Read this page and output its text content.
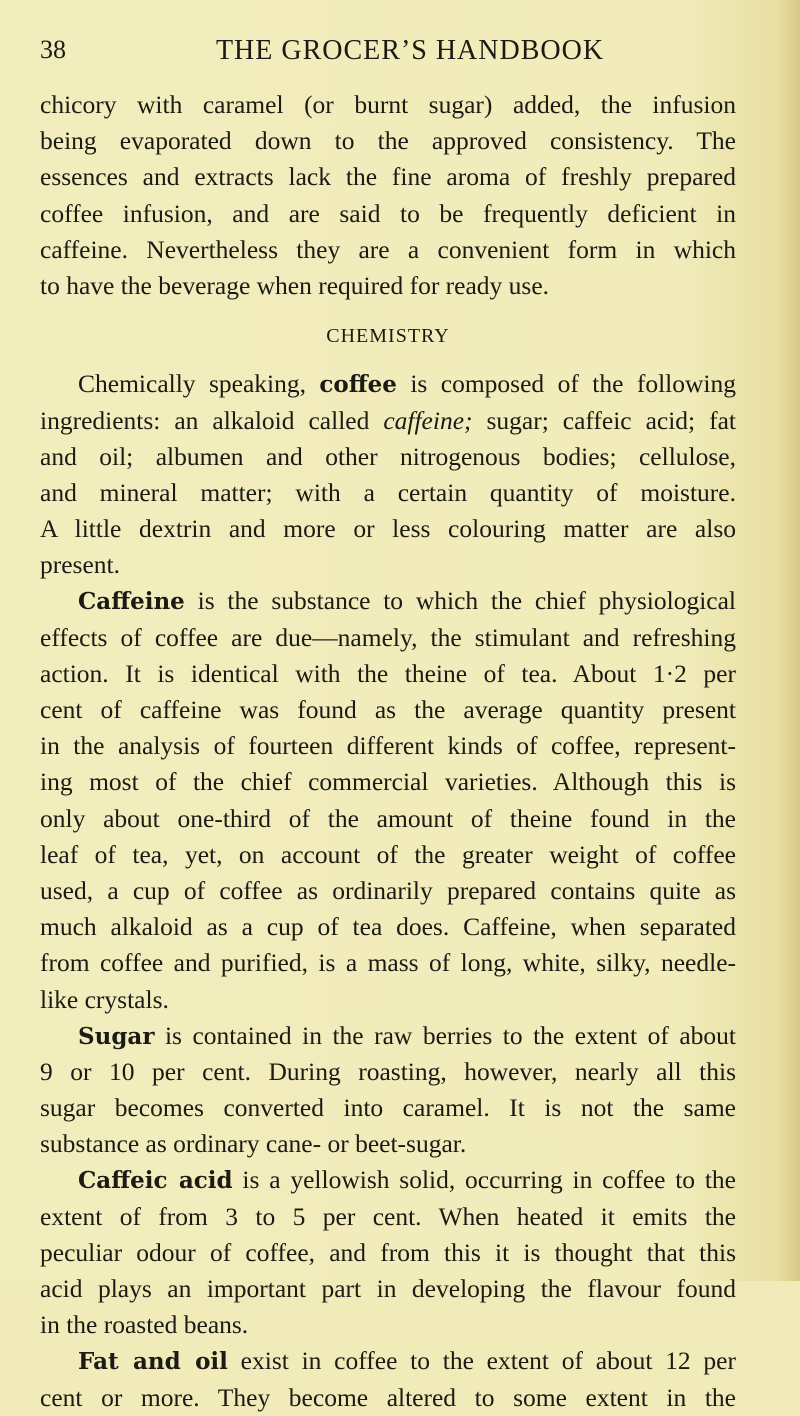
38	THE GROCER’S HANDBOOK
chicory with caramel (or burnt sugar) added, the infusion
being evaporated down to the approved consistency. The
essences and extracts lack the fine aroma of freshly prepared
coffee infusion, and are said to be frequently deficient in
caffeine. Nevertheless they are a convenient form in which
to have the beverage when required for ready use.
CHEMISTRY
Chemically speaking, coffee is composed of the following
ingredients: an alkaloid called caffeine; sugar; caffeic acid; fat
and oil; albumen and other nitrogenous bodies; cellulose,
and mineral matter; with a certain quantity of moisture.
A little dextrin and more or less colouring matter are also
present.
Caffeine is the substance to which the chief physiological
effects of coffee are due—namely, the stimulant and refreshing
action. It is identical with the theine of tea. About 1·2 per
cent of caffeine was found as the average quantity present
in the analysis of fourteen different kinds of coffee, represent-
ing most of the chief commercial varieties. Although this is
only about one-third of the amount of theine found in the
leaf of tea, yet, on account of the greater weight of coffee
used, a cup of coffee as ordinarily prepared contains quite as
much alkaloid as a cup of tea does. Caffeine, when separated
from coffee and purified, is a mass of long, white, silky, needle-
like crystals.
Sugar is contained in the raw berries to the extent of about
9 or 10 per cent. During roasting, however, nearly all this
sugar becomes converted into caramel. It is not the same
substance as ordinary cane- or beet-sugar.
Caffeic acid is a yellowish solid, occurring in coffee to the
extent of from 3 to 5 per cent. When heated it emits the
peculiar odour of coffee, and from this it is thought that this
acid plays an important part in developing the flavour found
in the roasted beans.
Fat and oil exist in coffee to the extent of about 12 per
cent or more. They become altered to some extent in the
